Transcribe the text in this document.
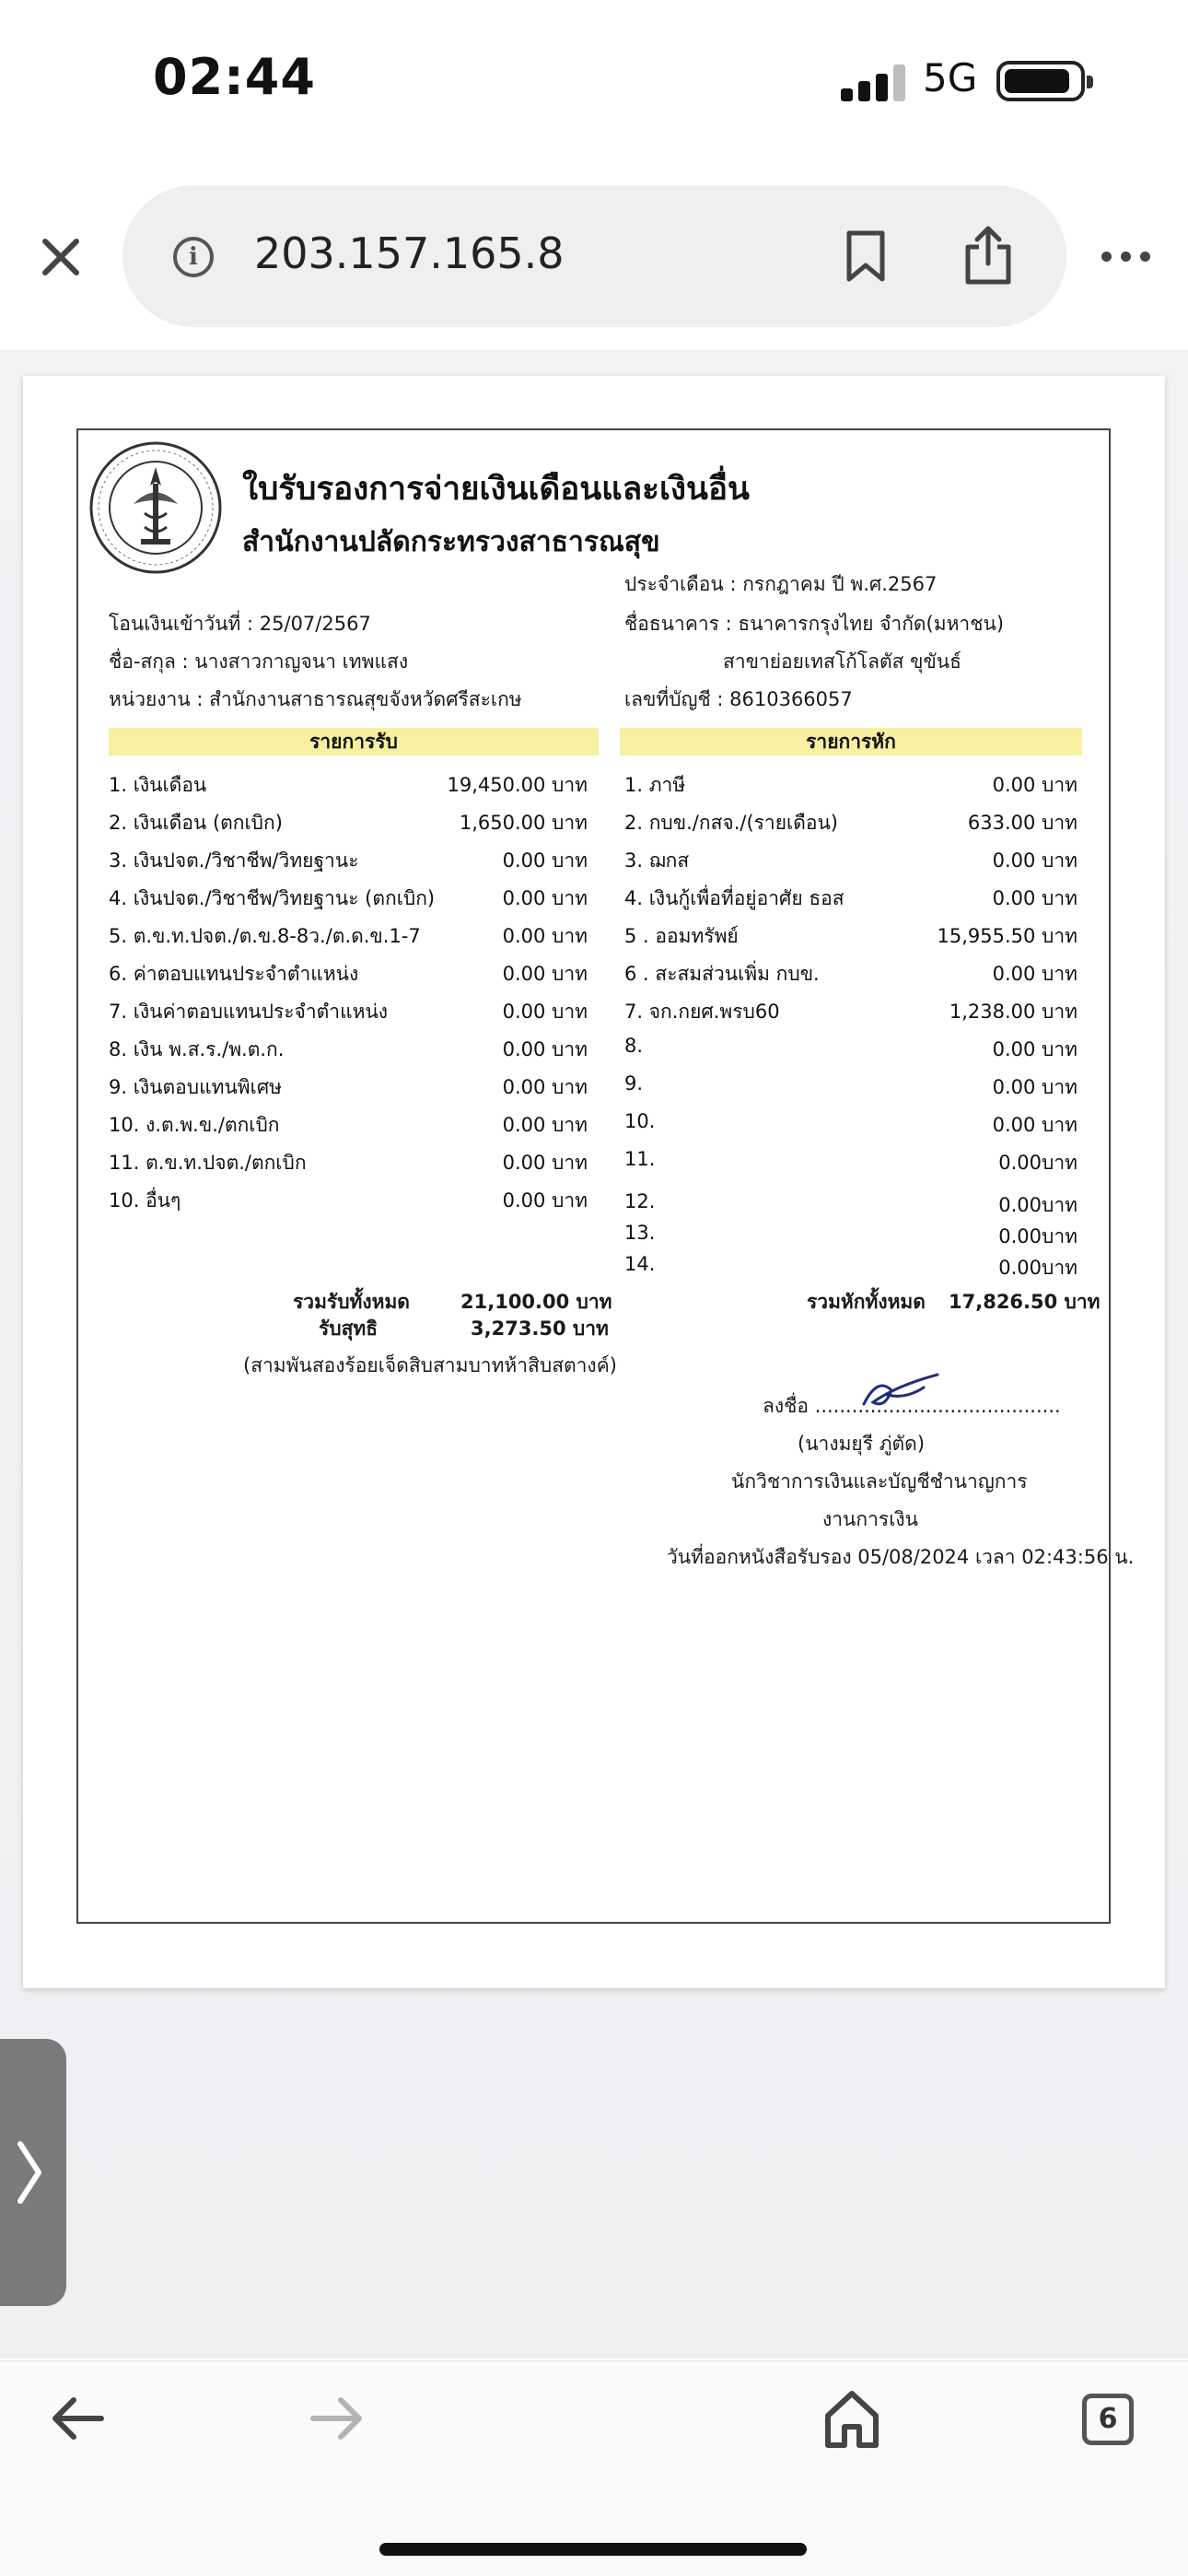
02:44	5G
i	203.157.165.8
ใบรับรองการจ่ายเงินเดือนและเงินอื่น
สำนักงานปลัดกระทรวงสาธารณสุข
ประจำเดือน : กรกฎาคม ปี พ.ศ.2567
โอนเงินเข้าวันที่ : 25/07/2567	ชื่อธนาคาร : ธนาคารกรุงไทย จำกัด(มหาชน)
ชื่อ-สกุล : นางสาวกาญจนา เทพแสง	สาขาย่อยเทสโก้โลตัส ขุขันธ์
หน่วยงาน : สำนักงานสาธารณสุขจังหวัดศรีสะเกษ	เลขที่บัญชี : 8610366057
รายการรับ	รายการหัก
1. เงินเดือน	19,450.00 บาท
2. เงินเดือน (ตกเบิก)	1,650.00 บาท
3. เงินปจต./วิชาชีพ/วิทยฐานะ	0.00 บาท
4. เงินปจต./วิชาชีพ/วิทยฐานะ (ตกเบิก)	0.00 บาท
5. ต.ข.ท.ปจต./ต.ข.8-8ว./ต.ด.ข.1-7	0.00 บาท
6. ค่าตอบแทนประจำตำแหน่ง	0.00 บาท
7. เงินค่าตอบแทนประจำตำแหน่ง	0.00 บาท
8. เงิน พ.ส.ร./พ.ต.ก.	0.00 บาท
9. เงินตอบแทนพิเศษ	0.00 บาท
10. ง.ต.พ.ข./ตกเบิก	0.00 บาท
11. ต.ข.ท.ปจต./ตกเบิก	0.00 บาท
10. อื่นๆ	0.00 บาท
1. ภาษี	0.00 บาท
2. กบข./กสจ./(รายเดือน)	633.00 บาท
3. ฌกส	0.00 บาท
4. เงินกู้เพื่อที่อยู่อาศัย ธอส	0.00 บาท
5 . ออมทรัพย์	15,955.50 บาท
6 . สะสมส่วนเพิ่ม กบข.	0.00 บาท
7. จก.กยศ.พรบ60	1,238.00 บาท
8.	0.00 บาท
9.	0.00 บาท
10.	0.00 บาท
11.	0.00บาท
12.	0.00บาท
13.	0.00บาท
14.	0.00บาท
รวมรับทั้งหมด	21,100.00 บาท
รับสุทธิ	3,273.50 บาท
(สามพันสองร้อยเจ็ดสิบสามบาทห้าสิบสตางค์)
รวมหักทั้งหมด 17,826.50 บาท
ลงชื่อ ........................................
(นางมยุรี ภู่ตัด)
นักวิชาการเงินและบัญชีชำนาญการ
งานการเงิน
วันที่ออกหนังสือรับรอง 05/08/2024 เวลา 02:43:56 น.
6
